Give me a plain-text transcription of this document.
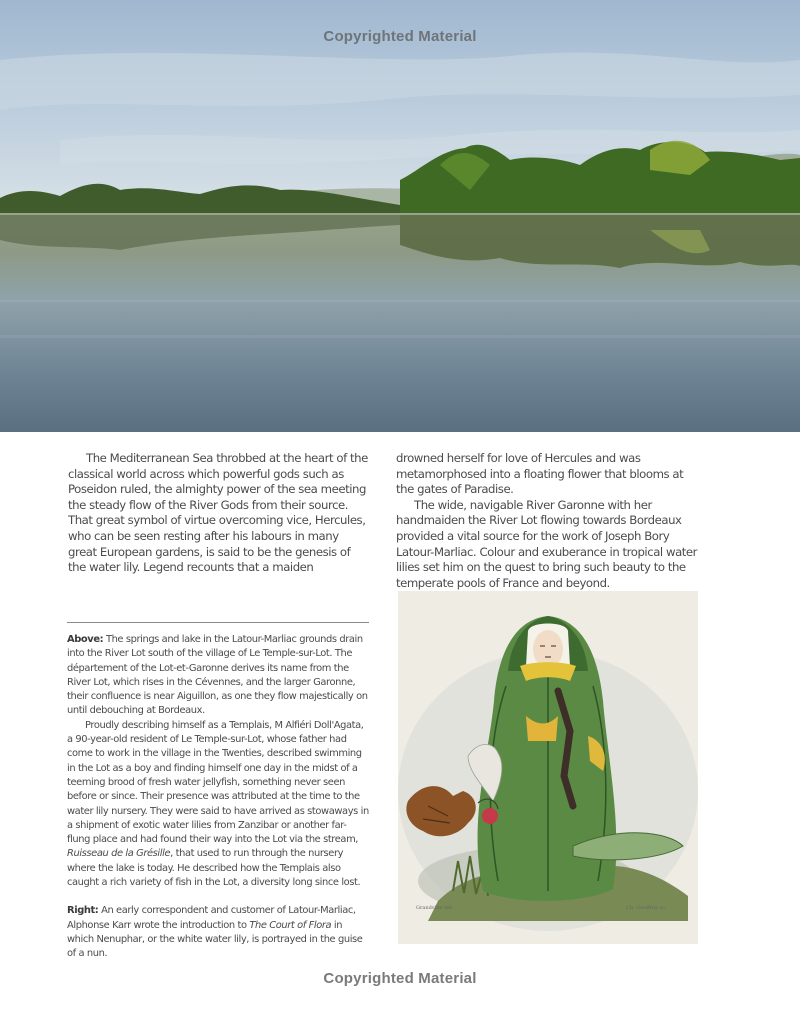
Copyrighted Material

The Mediterranean Sea throbbed at the heart of the classical world across which powerful gods such as Poseidon ruled, the almighty power of the sea meeting the steady flow of the River Gods from their source. That great symbol of virtue overcoming vice, Hercules, who can be seen resting after his labours in many great European gardens, is said to be the genesis of the water lily. Legend recounts that a maiden

drowned herself for love of Hercules and was metamorphosed into a floating flower that blooms at the gates of Paradise.

The wide, navigable River Garonne with her handmaiden the River Lot flowing towards Bordeaux provided a vital source for the work of Joseph Bory Latour-Marliac. Colour and exuberance in tropical water lilies set him on the quest to bring such beauty to the temperate pools of France and beyond.

Above: The springs and lake in the Latour-Marliac grounds drain into the River Lot south of the village of Le Temple-sur-Lot. The département of the Lot-et-Garonne derives its name from the River Lot, which rises in the Cévennes, and the larger Garonne, their confluence is near Aiguillon, as one they flow majestically on until debouching at Bordeaux.

Proudly describing himself as a Templais, M Alfiéri Doll'Agata, a 90-year-old resident of Le Temple-sur-Lot, whose father had come to work in the village in the Twenties, described swimming in the Lot as a boy and finding himself one day in the midst of a teeming brood of fresh water jellyfish, something never seen before or since. Their presence was attributed at the time to the water lily nursery. They were said to have arrived as stowaways in a shipment of exotic water lilies from Zanzibar or another far-flung place and had found their way into the Lot via the stream, Ruisseau de la Grésille, that used to run through the nursery where the lake is today. He described how the Templais also caught a rich variety of fish in the Lot, a diversity long since lost.

Right: An early correspondent and customer of Latour-Marliac, Alphonse Karr wrote the introduction to The Court of Flora in which Nenuphar, or the white water lily, is portrayed in the guise of a nun.

Grandville del.	Ch. Geoffroy sc.
Copyrighted Material
